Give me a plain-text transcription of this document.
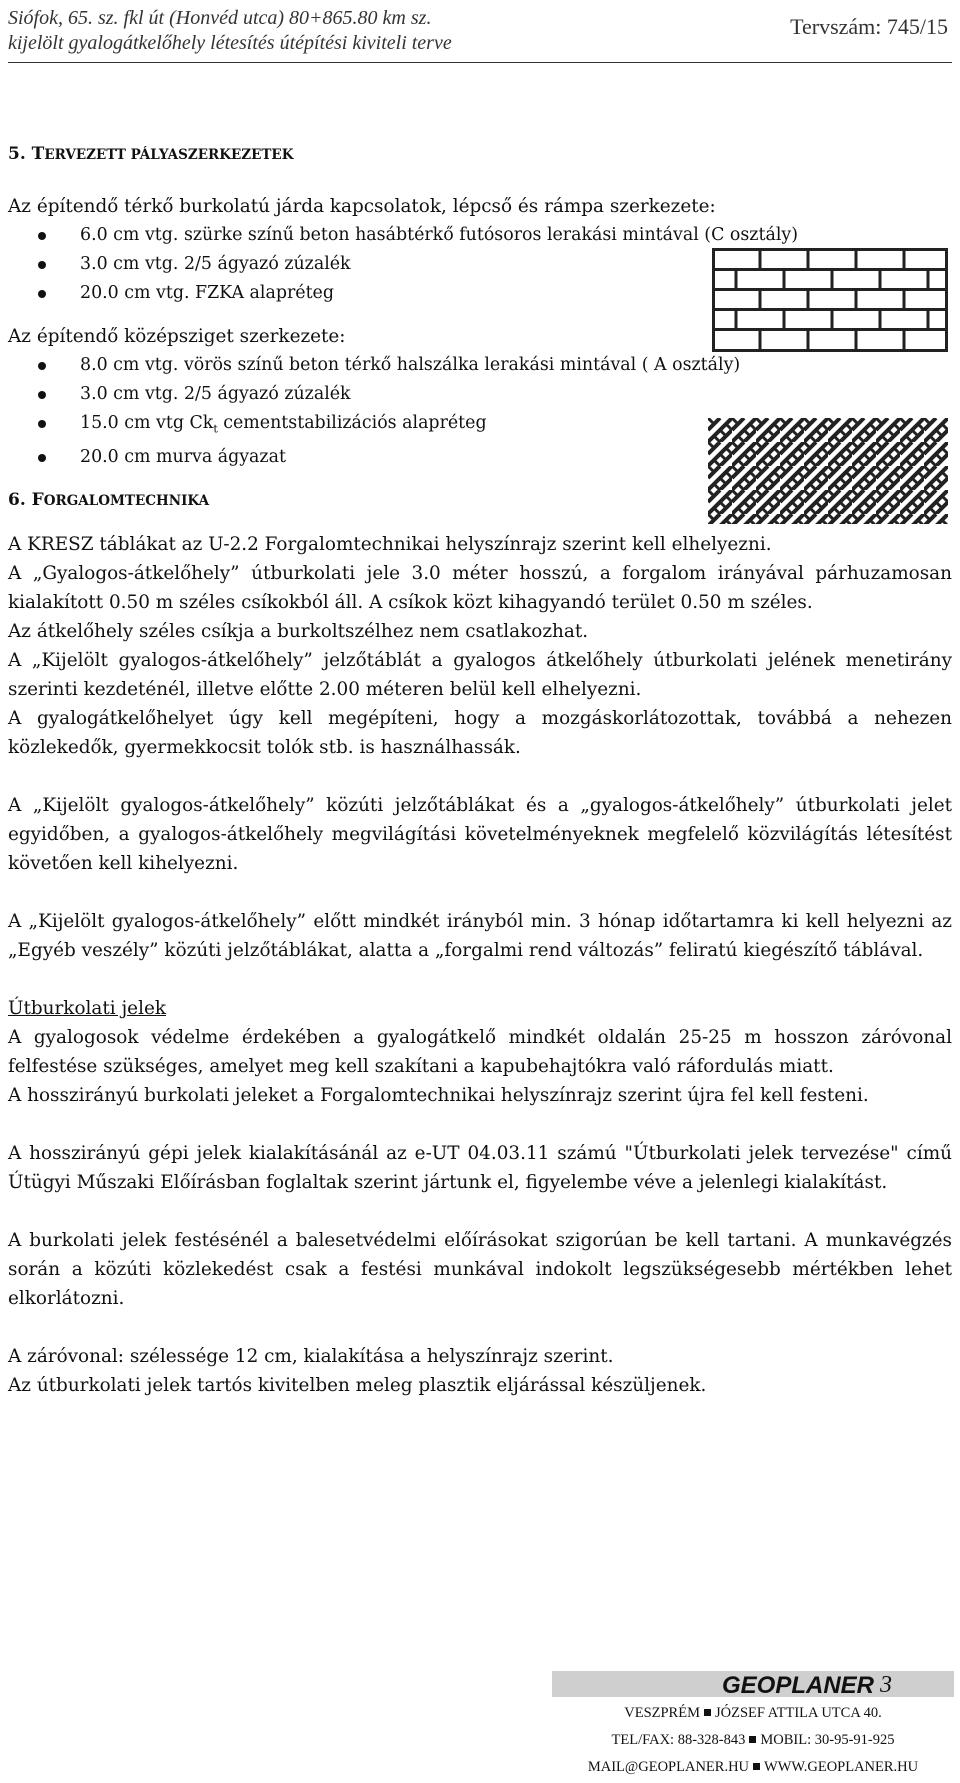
Siófok, 65. sz. fkl út (Honvéd utca) 80+865.80 km sz.
kijelölt gyalogátkelőhely létesítés útépítési kiviteli terve
Tervszám: 745/15
5. TERVEZETT PÁLYASZERKEZETEK

Az építendő térkő burkolatú járda kapcsolatok, lépcső és rámpa szerkezete:

6.0 cm vtg. szürke színű beton hasábtérkő futósoros lerakási mintával (C osztály)
3.0 cm vtg. 2/5 ágyazó zúzalék
20.0 cm vtg. FZKA alapréteg

Az építendő középsziget szerkezete:

8.0 cm vtg. vörös színű beton térkő halszálka lerakási mintával ( A osztály)
3.0 cm vtg. 2/5 ágyazó zúzalék
15.0 cm vtg $Ck_t$ cementstabilizációs alapréteg
20.0 cm murva ágyazat
6. FORGALOMTECHNIKA

A KRESZ táblákat az U-2.2 Forgalomtechnikai helyszínrajz szerint kell elhelyezni.

A „Gyalogos-átkelőhely” útburkolati jele 3.0 méter hosszú, a forgalom irányával párhuzamosan kialakított 0.50 m széles csíkokból áll. A csíkok közt kihagyandó terület 0.50 m széles.

Az átkelőhely széles csíkja a burkoltszélhez nem csatlakozhat.

A „Kijelölt gyalogos-átkelőhely” jelzőtáblát a gyalogos átkelőhely útburkolati jelének menetirány szerinti kezdeténél, illetve előtte 2.00 méteren belül kell elhelyezni.

A gyalogátkelőhelyet úgy kell megépíteni, hogy a mozgáskorlátozottak, továbbá a nehezen közlekedők, gyermekkocsit tolók stb. is használhassák.

A „Kijelölt gyalogos-átkelőhely” közúti jelzőtáblákat és a „gyalogos-átkelőhely” útburkolati jelet egyidőben, a gyalogos-átkelőhely megvilágítási követelményeknek megfelelő közvilágítás létesítést követően kell kihelyezni.

A „Kijelölt gyalogos-átkelőhely” előtt mindkét irányból min. 3 hónap időtartamra ki kell helyezni az „Egyéb veszély” közúti jelzőtáblákat, alatta a „forgalmi rend változás” feliratú kiegészítő táblával.

Útburkolati jelek

A gyalogosok védelme érdekében a gyalogátkelő mindkét oldalán 25-25 m hosszon záróvonal felfestése szükséges, amelyet meg kell szakítani a kapubehajtókra való ráfordulás miatt.

A hosszirányú burkolati jeleket a Forgalomtechnikai helyszínrajz szerint újra fel kell festeni.

A hosszirányú gépi jelek kialakításánál az e-UT 04.03.11 számú "Útburkolati jelek tervezése" című Útügyi Műszaki Előírásban foglaltak szerint jártunk el, figyelembe véve a jelenlegi kialakítást.

A burkolati jelek festésénél a balesetvédelmi előírásokat szigorúan be kell tartani. A munkavégzés során a közúti közlekedést csak a festési munkával indokolt legszükségesebb mértékben lehet elkorlátozni.

A záróvonal: szélessége 12 cm, kialakítása a helyszínrajz szerint.

Az útburkolati jelek tartós kivitelben meleg plasztik eljárással készüljenek.

GEOPLANER 3
VESZPRÉM JÓZSEF ATTILA UTCA 40.
TEL/FAX: 88-328-843 MOBIL: 30-95-91-925
MAIL@GEOPLANER.HU WWW.GEOPLANER.HU
